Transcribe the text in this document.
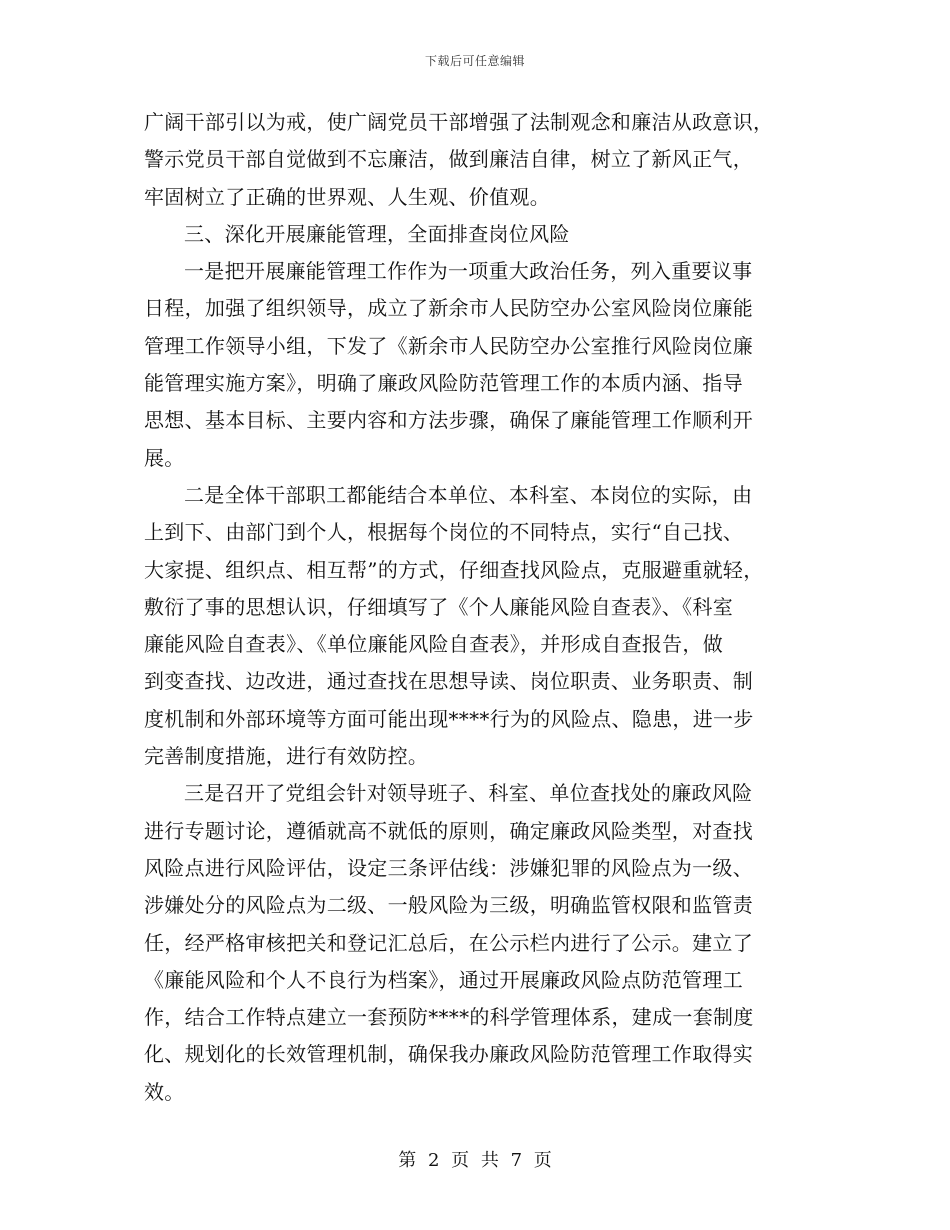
下载后可任意编辑
广阔干部引以为戒，使广阔党员干部增强了法制观念和廉洁从政意识，
警示党员干部自觉做到不忘廉洁，做到廉洁自律，树立了新风正气，
牢固树立了正确的世界观、人生观、价值观。
三、深化开展廉能管理，全面排查岗位风险
一是把开展廉能管理工作作为一项重大政治任务，列入重要议事
日程，加强了组织领导，成立了新余市人民防空办公室风险岗位廉能
管理工作领导小组，下发了《新余市人民防空办公室推行风险岗位廉
能管理实施方案》，明确了廉政风险防范管理工作的本质内涵、指导
思想、基本目标、主要内容和方法步骤，确保了廉能管理工作顺利开
展。
二是全体干部职工都能结合本单位、本科室、本岗位的实际，由
上到下、由部门到个人，根据每个岗位的不同特点，实行“自己找、
大家提、组织点、相互帮”的方式，仔细查找风险点，克服避重就轻，
敷衍了事的思想认识，仔细填写了《个人廉能风险自查表》、《科室
廉能风险自查表》、《单位廉能风险自查表》，并形成自查报告，做
到变查找、边改进，通过查找在思想导读、岗位职责、业务职责、制
度机制和外部环境等方面可能出现****行为的风险点、隐患，进一步
完善制度措施，进行有效防控。
三是召开了党组会针对领导班子、科室、单位查找处的廉政风险
进行专题讨论，遵循就高不就低的原则，确定廉政风险类型，对查找
风险点进行风险评估，设定三条评估线：涉嫌犯罪的风险点为一级、
涉嫌处分的风险点为二级、一般风险为三级，明确监管权限和监管责
任，经严格审核把关和登记汇总后，在公示栏内进行了公示。建立了
《廉能风险和个人不良行为档案》，通过开展廉政风险点防范管理工
作，结合工作特点建立一套预防****的科学管理体系，建成一套制度
化、规划化的长效管理机制，确保我办廉政风险防范管理工作取得实
效。
第 2 页 共 7 页
